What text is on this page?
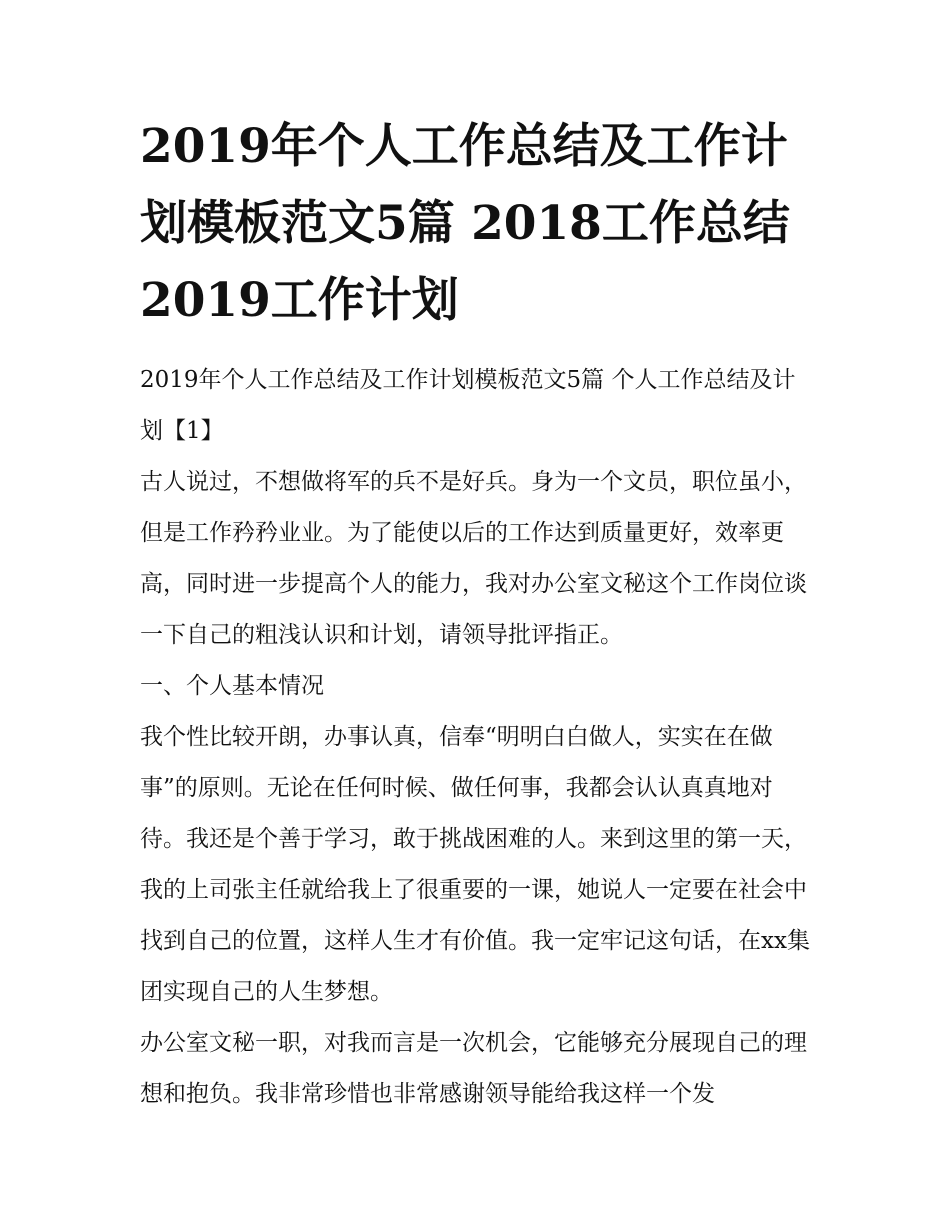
2019年个人工作总结及工作计划模板范文5篇 2018工作总结2019工作计划

2019年个人工作总结及工作计划模板范文5篇 个人工作总结及计划【1】

古人说过，不想做将军的兵不是好兵。身为一个文员，职位虽小，但是工作矜矜业业。为了能使以后的工作达到质量更好，效率更高，同时进一步提高个人的能力，我对办公室文秘这个工作岗位谈一下自己的粗浅认识和计划，请领导批评指正。

一、个人基本情况

我个性比较开朗，办事认真，信奉“明明白白做人，实实在在做事”的原则。无论在任何时候、做任何事，我都会认认真真地对待。我还是个善于学习，敢于挑战困难的人。来到这里的第一天，我的上司张主任就给我上了很重要的一课，她说人一定要在社会中找到自己的位置，这样人生才有价值。我一定牢记这句话，在xx集团实现自己的人生梦想。

办公室文秘一职，对我而言是一次机会，它能够充分展现自己的理想和抱负。我非常珍惜也非常感谢领导能给我这样一个发
